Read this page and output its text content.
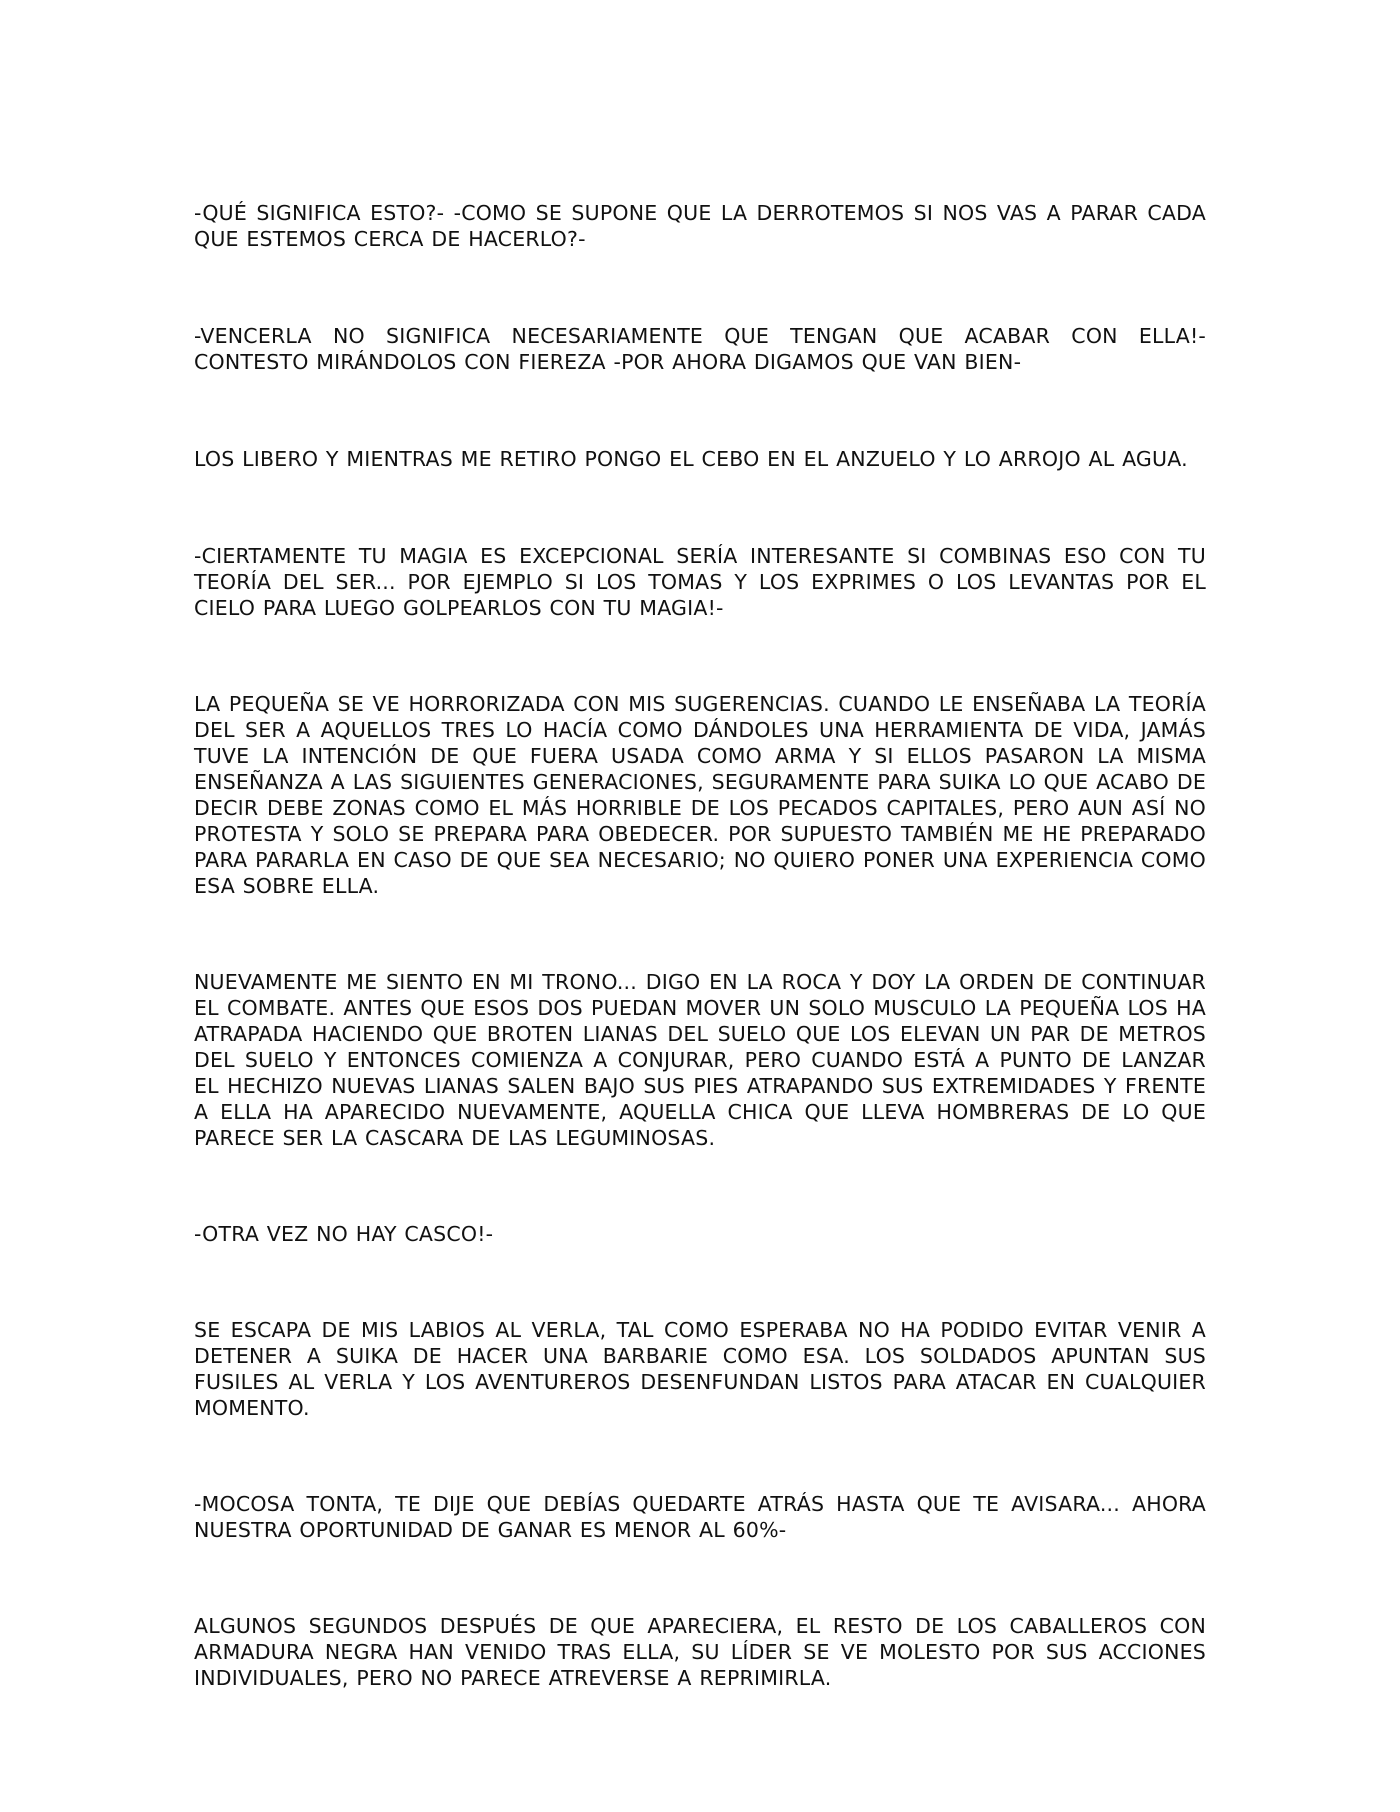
-QUÉ SIGNIFICA ESTO?- -COMO SE SUPONE QUE LA DERROTEMOS SI NOS VAS A PARAR CADA QUE ESTEMOS CERCA DE HACERLO?-

-VENCERLA NO SIGNIFICA NECESARIAMENTE QUE TENGAN QUE ACABAR CON ELLA!- CONTESTO MIRÁNDOLOS CON FIEREZA -POR AHORA DIGAMOS QUE VAN BIEN-

LOS LIBERO Y MIENTRAS ME RETIRO PONGO EL CEBO EN EL ANZUELO Y LO ARROJO AL AGUA.

-CIERTAMENTE TU MAGIA ES EXCEPCIONAL SERÍA INTERESANTE SI COMBINAS ESO CON TU TEORÍA DEL SER... POR EJEMPLO SI LOS TOMAS Y LOS EXPRIMES O LOS LEVANTAS POR EL CIELO PARA LUEGO GOLPEARLOS CON TU MAGIA!-

LA PEQUEÑA SE VE HORRORIZADA CON MIS SUGERENCIAS. CUANDO LE ENSEÑABA LA TEORÍA DEL SER A AQUELLOS TRES LO HACÍA COMO DÁNDOLES UNA HERRAMIENTA DE VIDA, JAMÁS TUVE LA INTENCIÓN DE QUE FUERA USADA COMO ARMA Y SI ELLOS PASARON LA MISMA ENSEÑANZA A LAS SIGUIENTES GENERACIONES, SEGURAMENTE PARA SUIKA LO QUE ACABO DE DECIR DEBE ZONAS COMO EL MÁS HORRIBLE DE LOS PECADOS CAPITALES, PERO AUN ASÍ NO PROTESTA Y SOLO SE PREPARA PARA OBEDECER. POR SUPUESTO TAMBIÉN ME HE PREPARADO PARA PARARLA EN CASO DE QUE SEA NECESARIO; NO QUIERO PONER UNA EXPERIENCIA COMO ESA SOBRE ELLA.

NUEVAMENTE ME SIENTO EN MI TRONO... DIGO EN LA ROCA Y DOY LA ORDEN DE CONTINUAR EL COMBATE. ANTES QUE ESOS DOS PUEDAN MOVER UN SOLO MUSCULO LA PEQUEÑA LOS HA ATRAPADA HACIENDO QUE BROTEN LIANAS DEL SUELO QUE LOS ELEVAN UN PAR DE METROS DEL SUELO Y ENTONCES COMIENZA A CONJURAR, PERO CUANDO ESTÁ A PUNTO DE LANZAR EL HECHIZO NUEVAS LIANAS SALEN BAJO SUS PIES ATRAPANDO SUS EXTREMIDADES Y FRENTE A ELLA HA APARECIDO NUEVAMENTE, AQUELLA CHICA QUE LLEVA HOMBRERAS DE LO QUE PARECE SER LA CASCARA DE LAS LEGUMINOSAS.

-OTRA VEZ NO HAY CASCO!-

SE ESCAPA DE MIS LABIOS AL VERLA, TAL COMO ESPERABA NO HA PODIDO EVITAR VENIR A DETENER A SUIKA DE HACER UNA BARBARIE COMO ESA. LOS SOLDADOS APUNTAN SUS FUSILES AL VERLA Y LOS AVENTUREROS DESENFUNDAN LISTOS PARA ATACAR EN CUALQUIER MOMENTO.

-MOCOSA TONTA, TE DIJE QUE DEBÍAS QUEDARTE ATRÁS HASTA QUE TE AVISARA... AHORA NUESTRA OPORTUNIDAD DE GANAR ES MENOR AL 60%-

ALGUNOS SEGUNDOS DESPUÉS DE QUE APARECIERA, EL RESTO DE LOS CABALLEROS CON ARMADURA NEGRA HAN VENIDO TRAS ELLA, SU LÍDER SE VE MOLESTO POR SUS ACCIONES INDIVIDUALES, PERO NO PARECE ATREVERSE A REPRIMIRLA.
